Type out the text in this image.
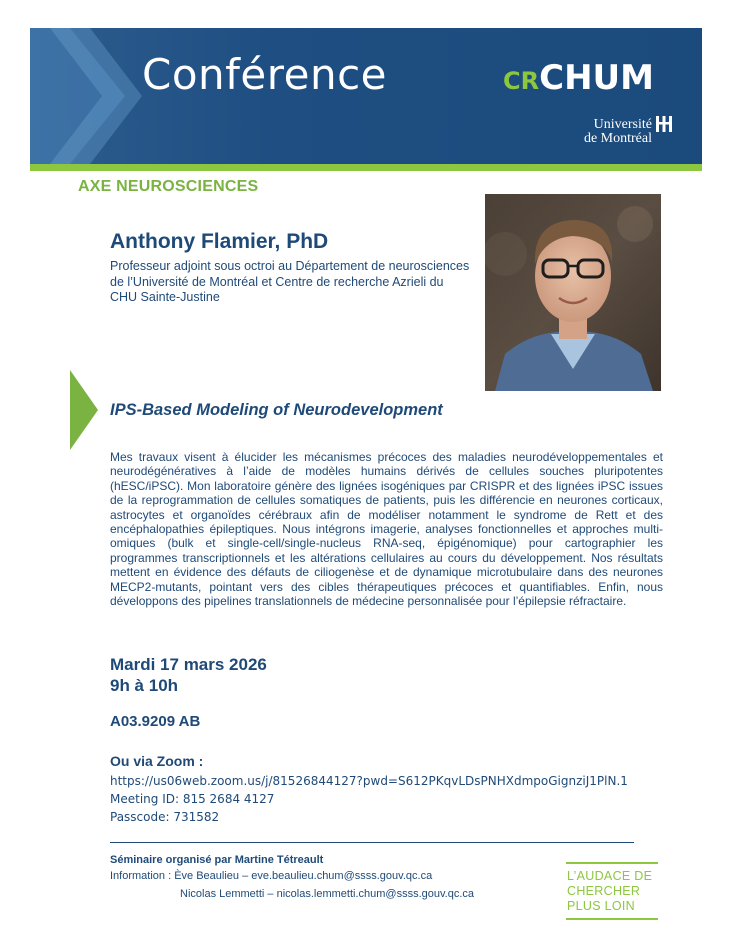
Conférence	CRCHUM
Université
de Montréal
AXE NEUROSCIENCES
Anthony Flamier, PhD
Professeur adjoint sous octroi au Département de neurosciences de l’Université de Montréal et Centre de recherche Azrieli du CHU Sainte-Justine
IPS-Based Modeling of Neurodevelopment
Mes travaux visent à élucider les mécanismes précoces des maladies neurodéveloppementales et neurodégénératives à l’aide de modèles humains dérivés de cellules souches pluripotentes (hESC/iPSC). Mon laboratoire génère des lignées isogéniques par CRISPR et des lignées iPSC issues de la reprogrammation de cellules somatiques de patients, puis les différencie en neurones corticaux, astrocytes et organoïdes cérébraux afin de modéliser notamment le syndrome de Rett et des encéphalopathies épileptiques. Nous intégrons imagerie, analyses fonctionnelles et approches multi-omiques (bulk et single-cell/single-nucleus RNA-seq, épigénomique) pour cartographier les programmes transcriptionnels et les altérations cellulaires au cours du développement. Nos résultats mettent en évidence des défauts de ciliogenèse et de dynamique microtubulaire dans des neurones MECP2-mutants, pointant vers des cibles thérapeutiques précoces et quantifiables. Enfin, nous développons des pipelines translationnels de médecine personnalisée pour l’épilepsie réfractaire.
Mardi 17 mars 2026
9h à 10h
A03.9209 AB
Ou via Zoom :
https://us06web.zoom.us/j/81526844127?pwd=S612PKqvLDsPNHXdmpoGignziJ1PlN.1
Meeting ID: 815 2684 4127
Passcode: 731582
Séminaire organisé par Martine Tétreault
Information : Ève Beaulieu – eve.beaulieu.chum@ssss.gouv.qc.ca
Nicolas Lemmetti – nicolas.lemmetti.chum@ssss.gouv.qc.ca
L’AUDACE DE
CHERCHER
PLUS LOIN
